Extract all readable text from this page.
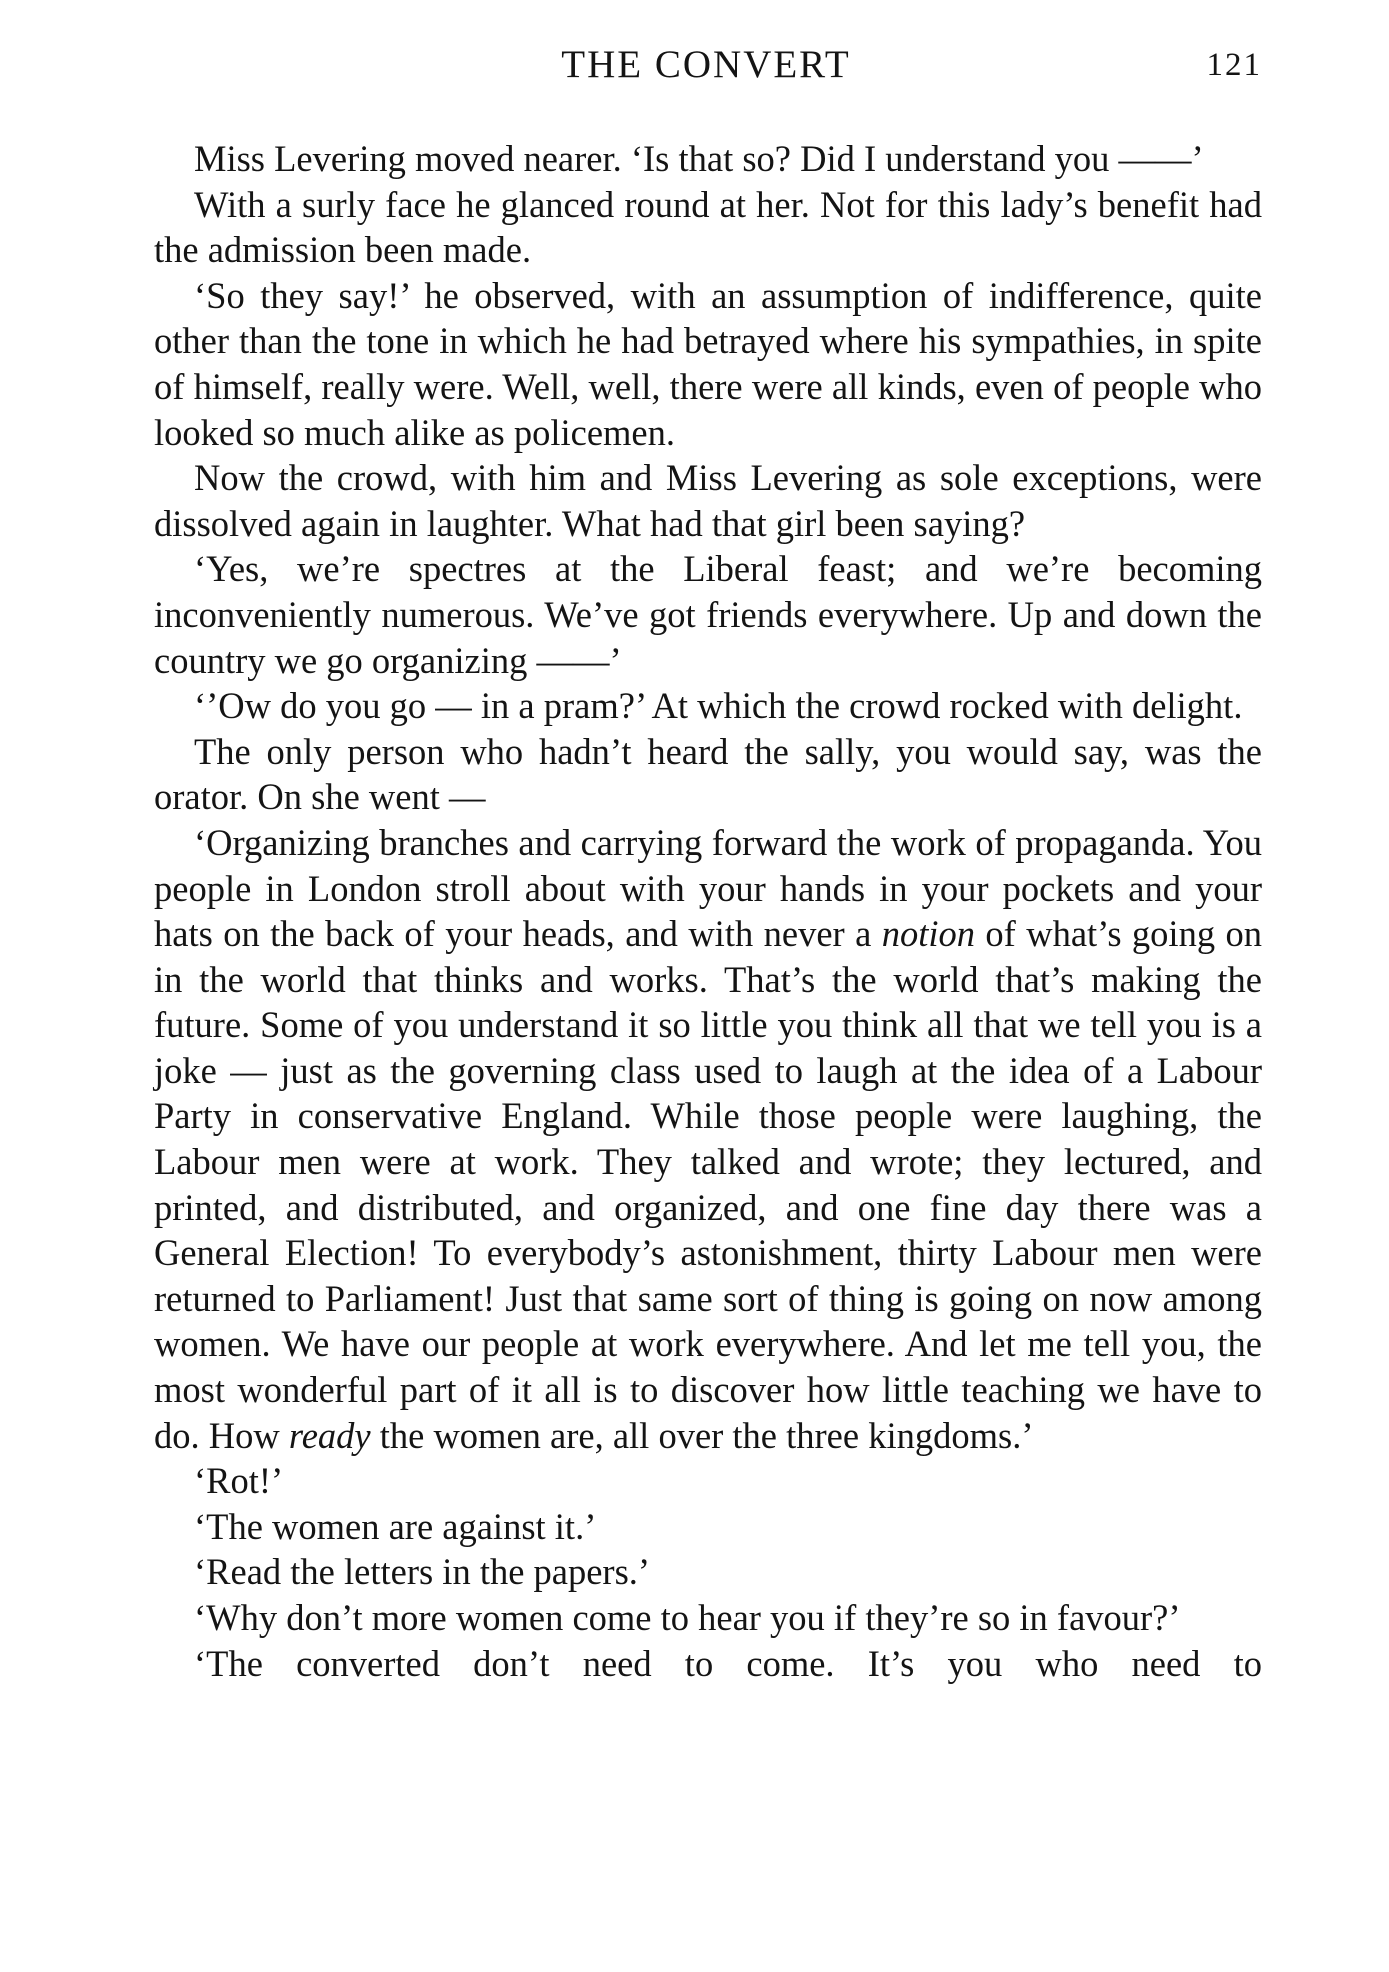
THE CONVERT	121

Miss Levering moved nearer. ‘Is that so? Did I understand you ——’

With a surly face he glanced round at her. Not for this lady’s benefit had the admission been made.

‘So they say!’ he observed, with an assumption of indifference, quite other than the tone in which he had betrayed where his sympathies, in spite of himself, really were. Well, well, there were all kinds, even of people who looked so much alike as policemen.

Now the crowd, with him and Miss Levering as sole exceptions, were dissolved again in laughter. What had that girl been saying?

‘Yes, we’re spectres at the Liberal feast; and we’re becoming inconveniently numerous. We’ve got friends everywhere. Up and down the country we go organizing ——’

‘’Ow do you go — in a pram?’ At which the crowd rocked with delight.

The only person who hadn’t heard the sally, you would say, was the orator. On she went —

‘Organizing branches and carrying forward the work of propaganda. You people in London stroll about with your hands in your pockets and your hats on the back of your heads, and with never a notion of what’s going on in the world that thinks and works. That’s the world that’s making the future. Some of you understand it so little you think all that we tell you is a joke — just as the governing class used to laugh at the idea of a Labour Party in conservative England. While those people were laughing, the Labour men were at work. They talked and wrote; they lectured, and printed, and distributed, and organized, and one fine day there was a General Election! To everybody’s astonishment, thirty Labour men were returned to Parliament! Just that same sort of thing is going on now among women. We have our people at work everywhere. And let me tell you, the most wonderful part of it all is to discover how little teaching we have to do. How ready the women are, all over the three kingdoms.’

‘Rot!’

‘The women are against it.’

‘Read the letters in the papers.’

‘Why don’t more women come to hear you if they’re so in favour?’

‘The converted don’t need to come. It’s you who need to
